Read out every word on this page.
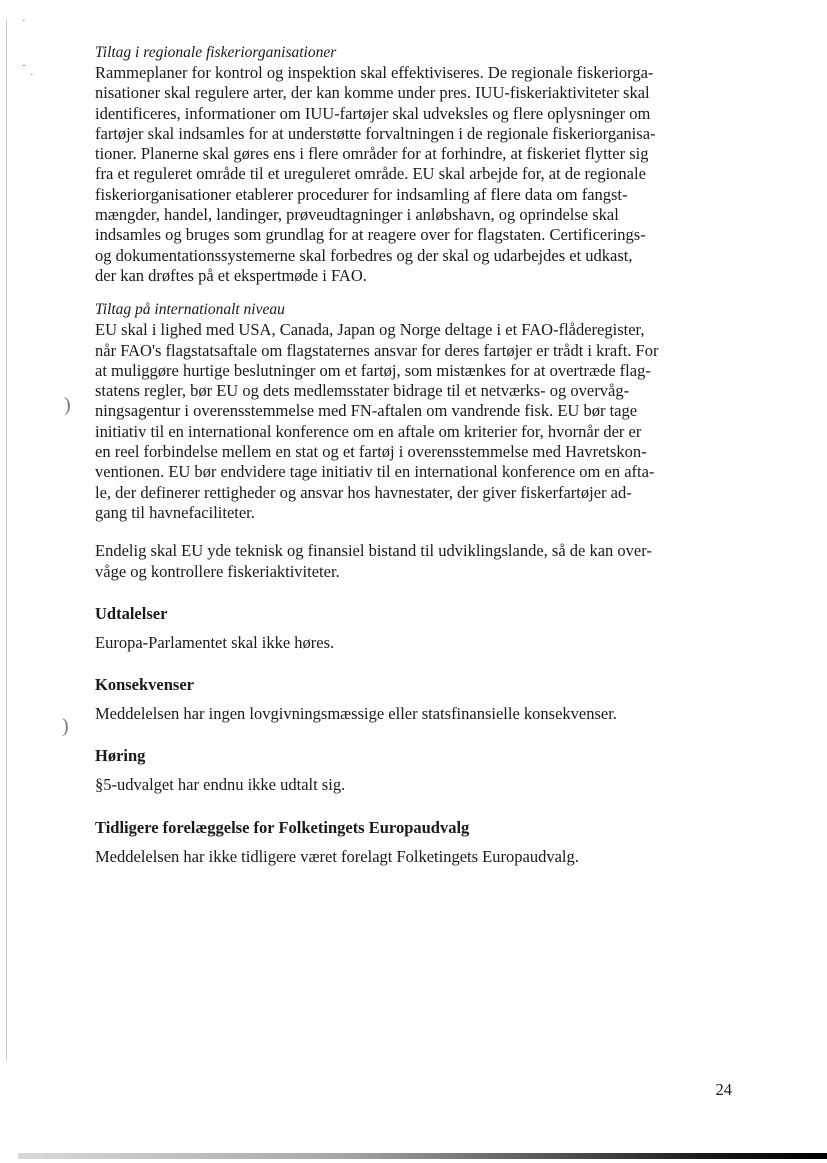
·
-
·
)
)

Tiltag i regionale fiskeriorganisationer

Rammeplaner for kontrol og inspektion skal effektiviseres. De regionale fiskeriorga-
nisationer skal regulere arter, der kan komme under pres. IUU-fiskeriaktiviteter skal
identificeres, informationer om IUU-fartøjer skal udveksles og flere oplysninger om
fartøjer skal indsamles for at understøtte forvaltningen i de regionale fiskeriorganisa-
tioner. Planerne skal gøres ens i flere områder for at forhindre, at fiskeriet flytter sig
fra et reguleret område til et ureguleret område. EU skal arbejde for, at de regionale
fiskeriorganisationer etablerer procedurer for indsamling af flere data om fangst-
mængder, handel, landinger, prøveudtagninger i anløbshavn, og oprindelse skal
indsamles og bruges som grundlag for at reagere over for flagstaten. Certificerings-
og dokumentationssystemerne skal forbedres og der skal og udarbejdes et udkast,
der kan drøftes på et ekspertmøde i FAO.

Tiltag på internationalt niveau

EU skal i lighed med USA, Canada, Japan og Norge deltage i et FAO-flåderegister,
når FAO's flagstatsaftale om flagstaternes ansvar for deres fartøjer er trådt i kraft. For
at muliggøre hurtige beslutninger om et fartøj, som mistænkes for at overtræde flag-
statens regler, bør EU og dets medlemsstater bidrage til et netværks- og overvåg-
ningsagentur i overensstemmelse med FN-aftalen om vandrende fisk. EU bør tage
initiativ til en international konference om en aftale om kriterier for, hvornår der er
en reel forbindelse mellem en stat og et fartøj i overensstemmelse med Havretskon-
ventionen. EU bør endvidere tage initiativ til en international konference om en afta-
le, der definerer rettigheder og ansvar hos havnestater, der giver fiskerfartøjer ad-
gang til havnefaciliteter.

Endelig skal EU yde teknisk og finansiel bistand til udviklingslande, så de kan over-
våge og kontrollere fiskeriaktiviteter.

Udtalelser

Europa-Parlamentet skal ikke høres.

Konsekvenser

Meddelelsen har ingen lovgivningsmæssige eller statsfinansielle konsekvenser.

Høring

§5-udvalget har endnu ikke udtalt sig.

Tidligere forelæggelse for Folketingets Europaudvalg

Meddelelsen har ikke tidligere været forelagt Folketingets Europaudvalg.

24
